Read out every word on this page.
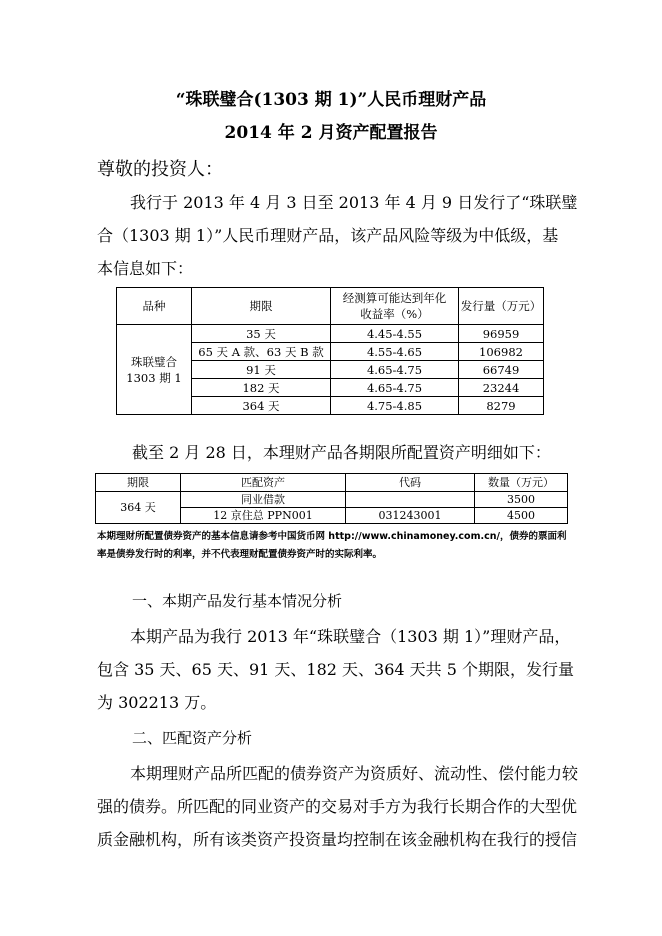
“珠联璧合(1303 期 1)”人民币理财产品
2014 年 2 月资产配置报告
尊敬的投资人：
我行于 2013 年 4 月 3 日至 2013 年 4 月 9 日发行了“珠联璧
合（1303 期 1）”人民币理财产品，该产品风险等级为中低级，基
本信息如下：
品种	期限	经测算可能达到年化收益率（%）	发行量（万元）
珠联璧合 1303 期 1	35 天	4.45-4.55	96959
	65 天 A 款、63 天 B 款	4.55-4.65	106982
	91 天	4.65-4.75	66749
	182 天	4.65-4.75	23244
	364 天	4.75-4.85	8279
截至 2 月 28 日，本理财产品各期限所配置资产明细如下：
期限	匹配资产	代码	数量（万元）
364 天	同业借款		3500
	12 京住总 PPN001	031243001	4500
本期理财所配置债券资产的基本信息请参考中国货币网 http://www.chinamoney.com.cn/，债券的票面利
率是债券发行时的利率，并不代表理财配置债券资产时的实际利率。
一、本期产品发行基本情况分析
本期产品为我行 2013 年“珠联璧合（1303 期 1）”理财产品，
包含 35 天、65 天、91 天、182 天、364 天共 5 个期限，发行量
为 302213 万。
二、匹配资产分析
本期理财产品所匹配的债券资产为资质好、流动性、偿付能力较
强的债券。所匹配的同业资产的交易对手方为我行长期合作的大型优
质金融机构，所有该类资产投资量均控制在该金融机构在我行的授信
